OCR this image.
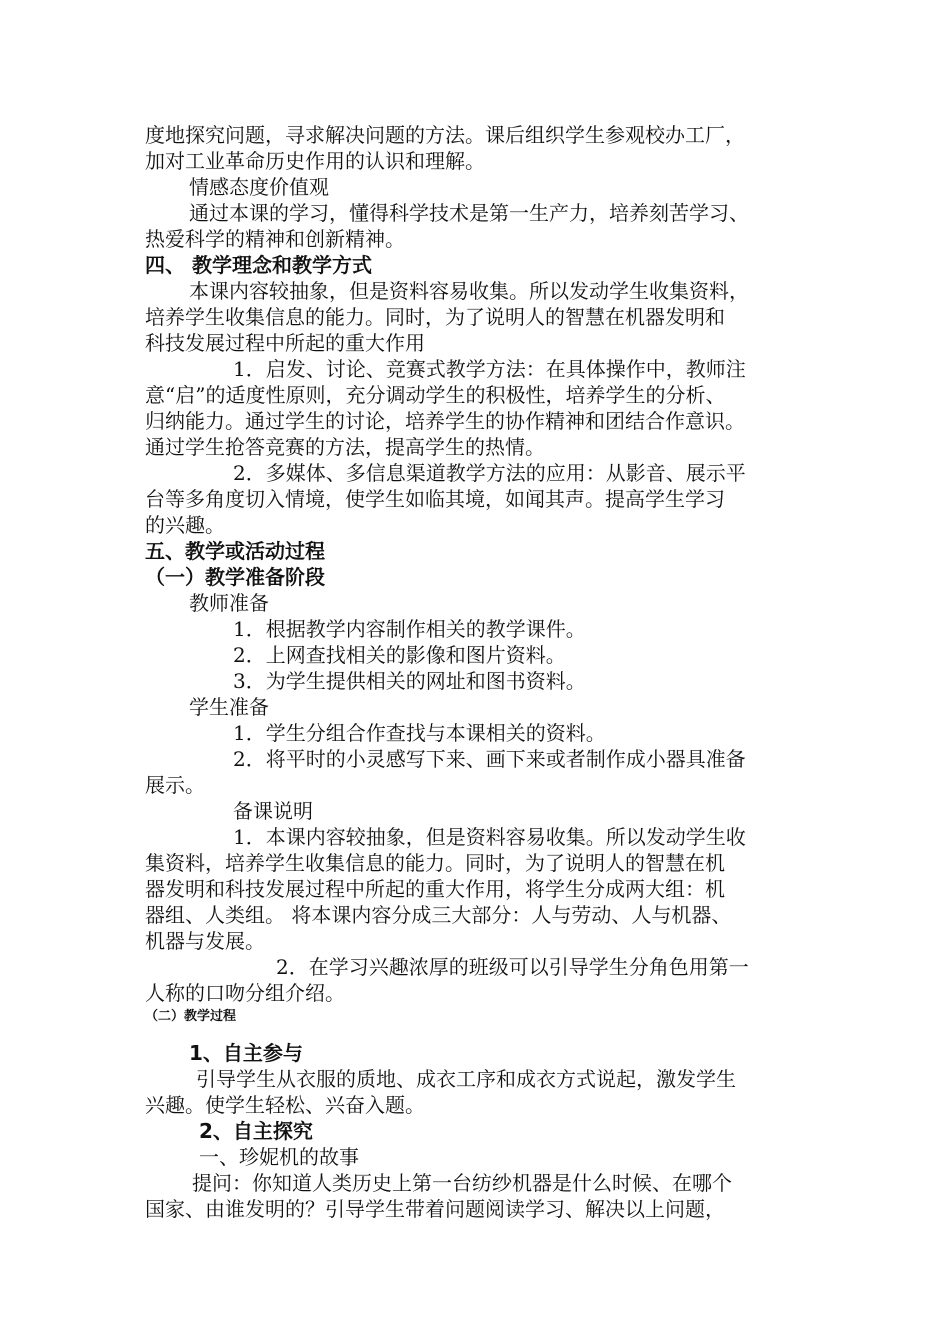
度地探究问题，寻求解决问题的方法。课后组织学生参观校办工厂，
加对工业革命历史作用的认识和理解。
情感态度价值观
通过本课的学习，懂得科学技术是第一生产力，培养刻苦学习、
热爱科学的精神和创新精神。
四、 教学理念和教学方式
本课内容较抽象，但是资料容易收集。所以发动学生收集资料，
培养学生收集信息的能力。同时，为了说明人的智慧在机器发明和
科技发展过程中所起的重大作用
1．启发、讨论、竞赛式教学方法：在具体操作中，教师注
意“启”的适度性原则，充分调动学生的积极性，培养学生的分析、
归纳能力。通过学生的讨论，培养学生的协作精神和团结合作意识。
通过学生抢答竞赛的方法，提高学生的热情。
2．多媒体、多信息渠道教学方法的应用：从影音、展示平
台等多角度切入情境，使学生如临其境，如闻其声。提高学生学习
的兴趣。
五、教学或活动过程
（一）教学准备阶段
教师准备
1．根据教学内容制作相关的教学课件。
2．上网查找相关的影像和图片资料。
3．为学生提供相关的网址和图书资料。
学生准备
1．学生分组合作查找与本课相关的资料。
2．将平时的小灵感写下来、画下来或者制作成小器具准备
展示。
备课说明
1．本课内容较抽象，但是资料容易收集。所以发动学生收
集资料，培养学生收集信息的能力。同时，为了说明人的智慧在机
器发明和科技发展过程中所起的重大作用，将学生分成两大组：机
器组、人类组。 将本课内容分成三大部分：人与劳动、人与机器、
机器与发展。
2．在学习兴趣浓厚的班级可以引导学生分角色用第一
人称的口吻分组介绍。
（二）教学过程
1、自主参与
引导学生从衣服的质地、成衣工序和成衣方式说起，激发学生
兴趣。使学生轻松、兴奋入题。
2、自主探究
一、珍妮机的故事
提问：你知道人类历史上第一台纺纱机器是什么时候、在哪个
国家、由谁发明的？引导学生带着问题阅读学习、解决以上问题，
